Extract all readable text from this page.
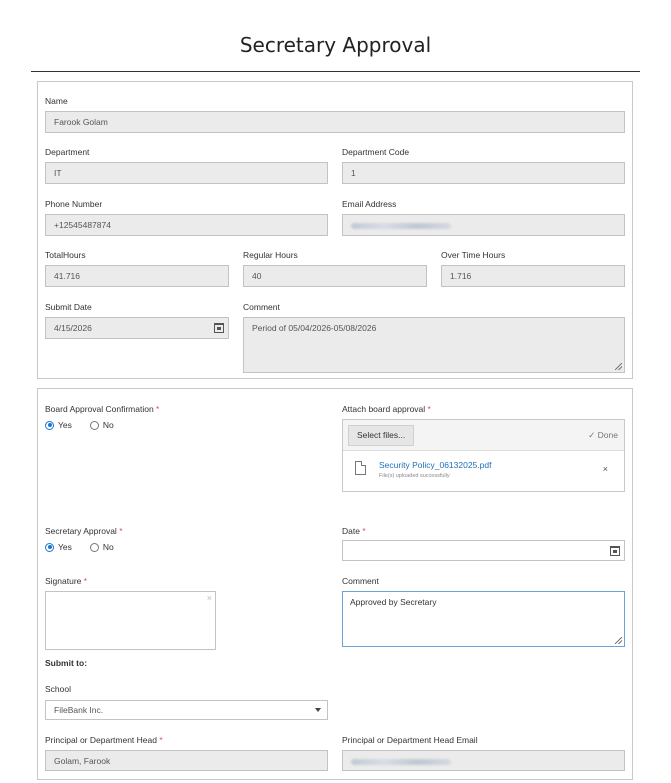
Secretary Approval
Name
Farook Golam
Department
IT
Department Code
1
Phone Number
+12545487874
Email Address
TotalHours
41.716
Regular Hours
40
Over Time Hours
1.716
Submit Date
4/15/2026
Comment
Period of 05/04/2026-05/08/2026
Board Approval Confirmation *
Yes	No
Attach board approval *
Select files...	✓ Done
Security Policy_06132025.pdf
File(s) uploaded successfully
×
Secretary Approval *
Yes	No
Date *
Signature *
×
Comment
Approved by Secretary
Submit to:
School
FileBank Inc.
Principal or Department Head *
Golam, Farook
Principal or Department Head Email
